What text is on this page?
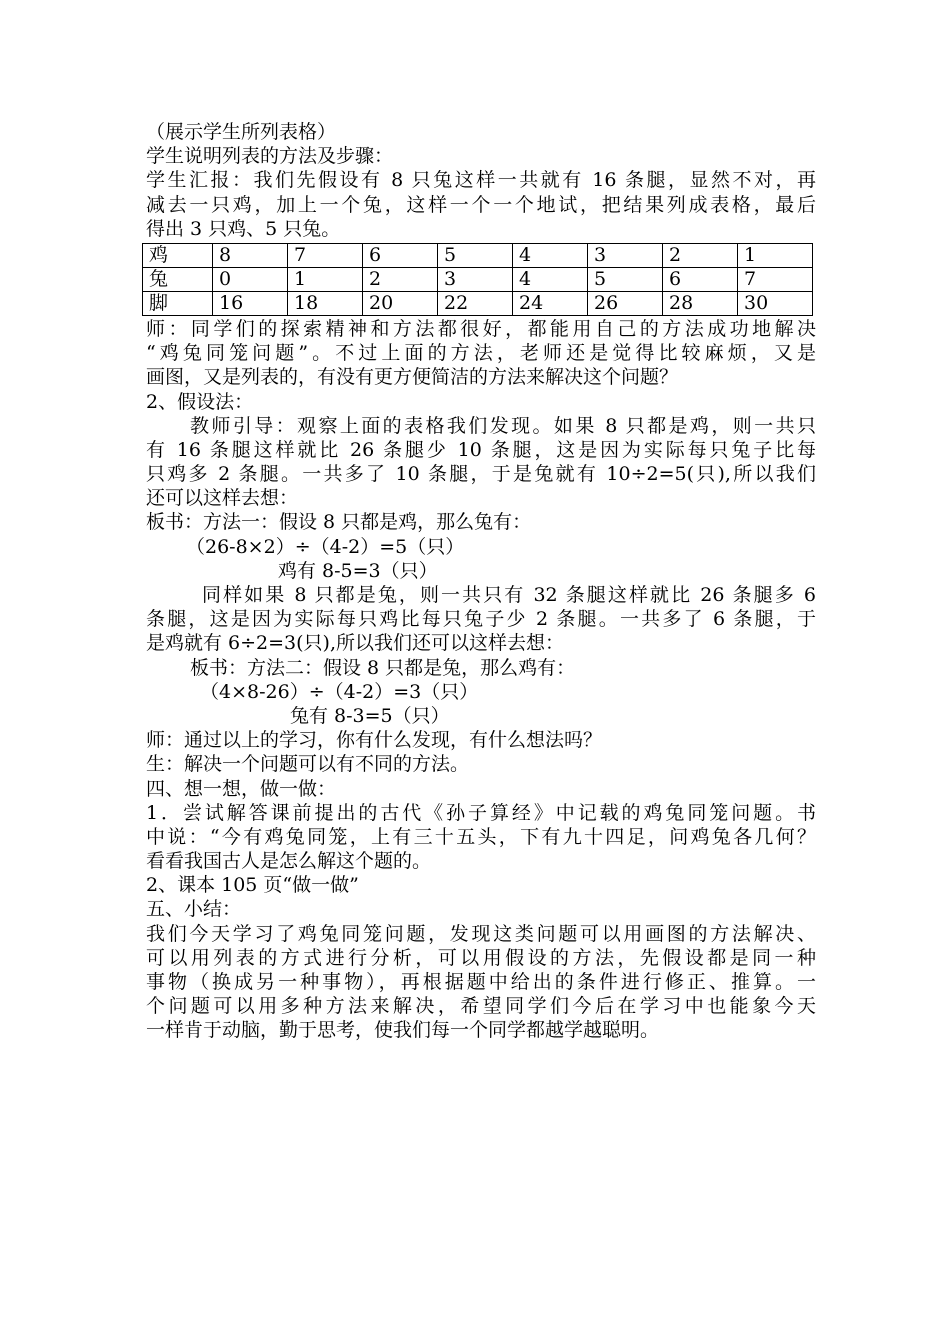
（展示学生所列表格）
学生说明列表的方法及步骤：
学生汇报：我们先假设有 8 只兔这样一共就有 16 条腿，显然不对，再
减去一只鸡，加上一个兔，这样一个一个地试，把结果列成表格，最后
得出 3 只鸡、5 只兔。
鸡	8	7	6	5	4	3	2	1
兔	0	1	2	3	4	5	6	7
脚	16	18	20	22	24	26	28	30
师：同学们的探索精神和方法都很好，都能用自己的方法成功地解决
“鸡兔同笼问题”。不过上面的方法，老师还是觉得比较麻烦，又是
画图，又是列表的，有没有更方便简洁的方法来解决这个问题？
2、假设法：
教师引导：观察上面的表格我们发现。如果 8 只都是鸡，则一共只
有 16 条腿这样就比 26 条腿少 10 条腿，这是因为实际每只兔子比每
只鸡多 2 条腿。一共多了 10 条腿，于是兔就有 10÷2=5(只),所以我们
还可以这样去想：
板书：方法一：假设 8 只都是鸡，那么兔有：
（26-8×2）÷（4-2）=5（只）
鸡有 8-5=3（只）
同样如果 8 只都是兔，则一共只有 32 条腿这样就比 26 条腿多 6
条腿，这是因为实际每只鸡比每只兔子少 2 条腿。一共多了 6 条腿，于
是鸡就有 6÷2=3(只),所以我们还可以这样去想：
板书：方法二：假设 8 只都是兔，那么鸡有：
（4×8-26）÷（4-2）=3（只）
兔有 8-3=5（只）
师：通过以上的学习，你有什么发现，有什么想法吗？
生：解决一个问题可以有不同的方法。
四、想一想，做一做：
1．尝试解答课前提出的古代《孙子算经》中记载的鸡兔同笼问题。书
中说：“今有鸡兔同笼，上有三十五头，下有九十四足，问鸡兔各几何？
看看我国古人是怎么解这个题的。
2、课本 105 页“做一做”
五、小结：
我们今天学习了鸡兔同笼问题，发现这类问题可以用画图的方法解决、
可以用列表的方式进行分析，可以用假设的方法，先假设都是同一种
事物（换成另一种事物），再根据题中给出的条件进行修正、推算。一
个问题可以用多种方法来解决，希望同学们今后在学习中也能象今天
一样肯于动脑，勤于思考，使我们每一个同学都越学越聪明。
